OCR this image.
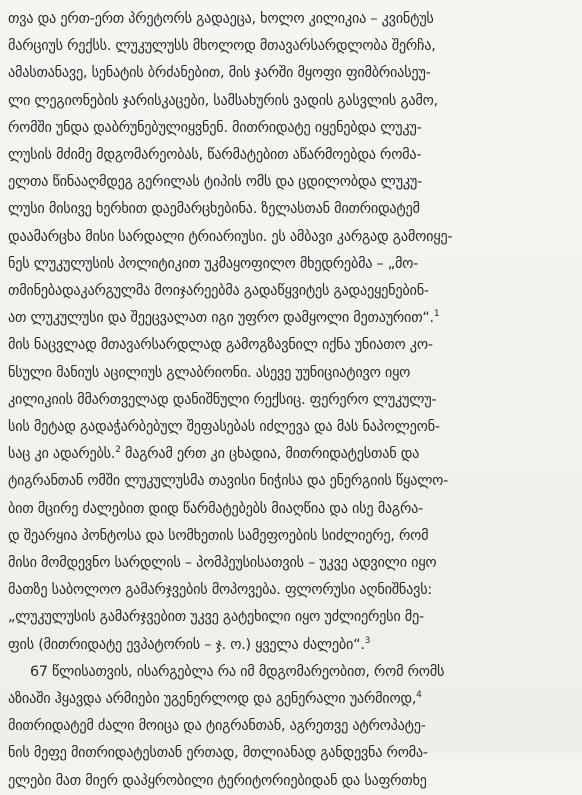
თვა და ერთ-ერთ პრეტორს გადაეცა, ხოლო კილიკია – კვინტუს
მარციუს რექსს. ლუკულუსს მხოლოდ მთავარსარდლობა შერჩა,
ამასთანავე, სენატის ბრძანებით, მის ჯარში მყოფი ფიმბრიასეუ-
ლი ლეგიონების ჯარისკაცები, სამსახურის ვადის გასვლის გამო,
რომში უნდა დაბრუნებულიყვნენ. მითრიდატე იყენებდა ლუკუ-
ლუსის მძიმე მდგომარეობას, წარმატებით აწარმოებდა რომა-
ელთა წინააღმდეგ გერილას ტიპის ომს და ცდილობდა ლუკუ-
ლუსი მისივე ხერხით დაემარცხებინა. ზელასთან მითრიდატემ
დაამარცხა მისი სარდალი ტრიარიუსი. ეს ამბავი კარგად გამოიყე-
ნეს ლუკულუსის პოლიტიკით უკმაყოფილო მხედრებმა – „მო-
თმინებადაკარგულმა მოიჯარეებმა გადაწყვიტეს გადაეყენებინ-
ათ ლუკულუსი და შეეცვალათ იგი უფრო დამყოლი მეთაურით“.$^1$

მის ნაცვლად მთავარსარდლად გამოგზავნილ იქნა უნიათო კო-
ნსული მანიუს აცილიუს გლაბრიონი. ასევე უუნიციატივო იყო
კილიკიის მმართველად დანიშნული რექსიც. ფერერო ლუკულუ-
სის მეტად გადაჭარბებულ შეფასებას იძლევა და მას ნაპოლეონ-
საც კი ადარებს.$^2$ მაგრამ ერთ კი ცხადია, მითრიდატესთან და
ტიგრანთან ომში ლუკულუსმა თავისი ნიჭისა და ენერგიის წყალო-
ბით მცირე ძალებით დიდ წარმატებებს მიაღწია და ისე მაგრა-
დ შეარყია პონტოსა და სომხეთის სამეფოების სიძლიერე, რომ
მისი მომდევნო სარდლის – პომპეუსისათვის – უკვე ადვილი იყო
მათზე საბოლოო გამარჯვების მოპოვება. ფლორუსი აღნიშნავს:
„ლუკულუსის გამარჯვებით უკვე გატეხილი იყო უძლიერესი მე-
ფის (მითრიდატე ევპატორის – ჯ. ო.) ყველა ძალები“.$^3$

67 წლისათვის, ისარგებლა რა იმ მდგომარეობით, რომ რომს
აზიაში ჰყავდა არმიები უგენერლოდ და გენერალი უარმიოდ,$^4$
მითრიდატემ ძალი მოიცა და ტიგრანთან, აგრეთვე ატროპატე-
ნის მეფე მითრიდატესთან ერთად, მთლიანად განდევნა რომა-
ელები მათ მიერ დაპყრობილი ტერიტორიებიდან და საფრთხე
